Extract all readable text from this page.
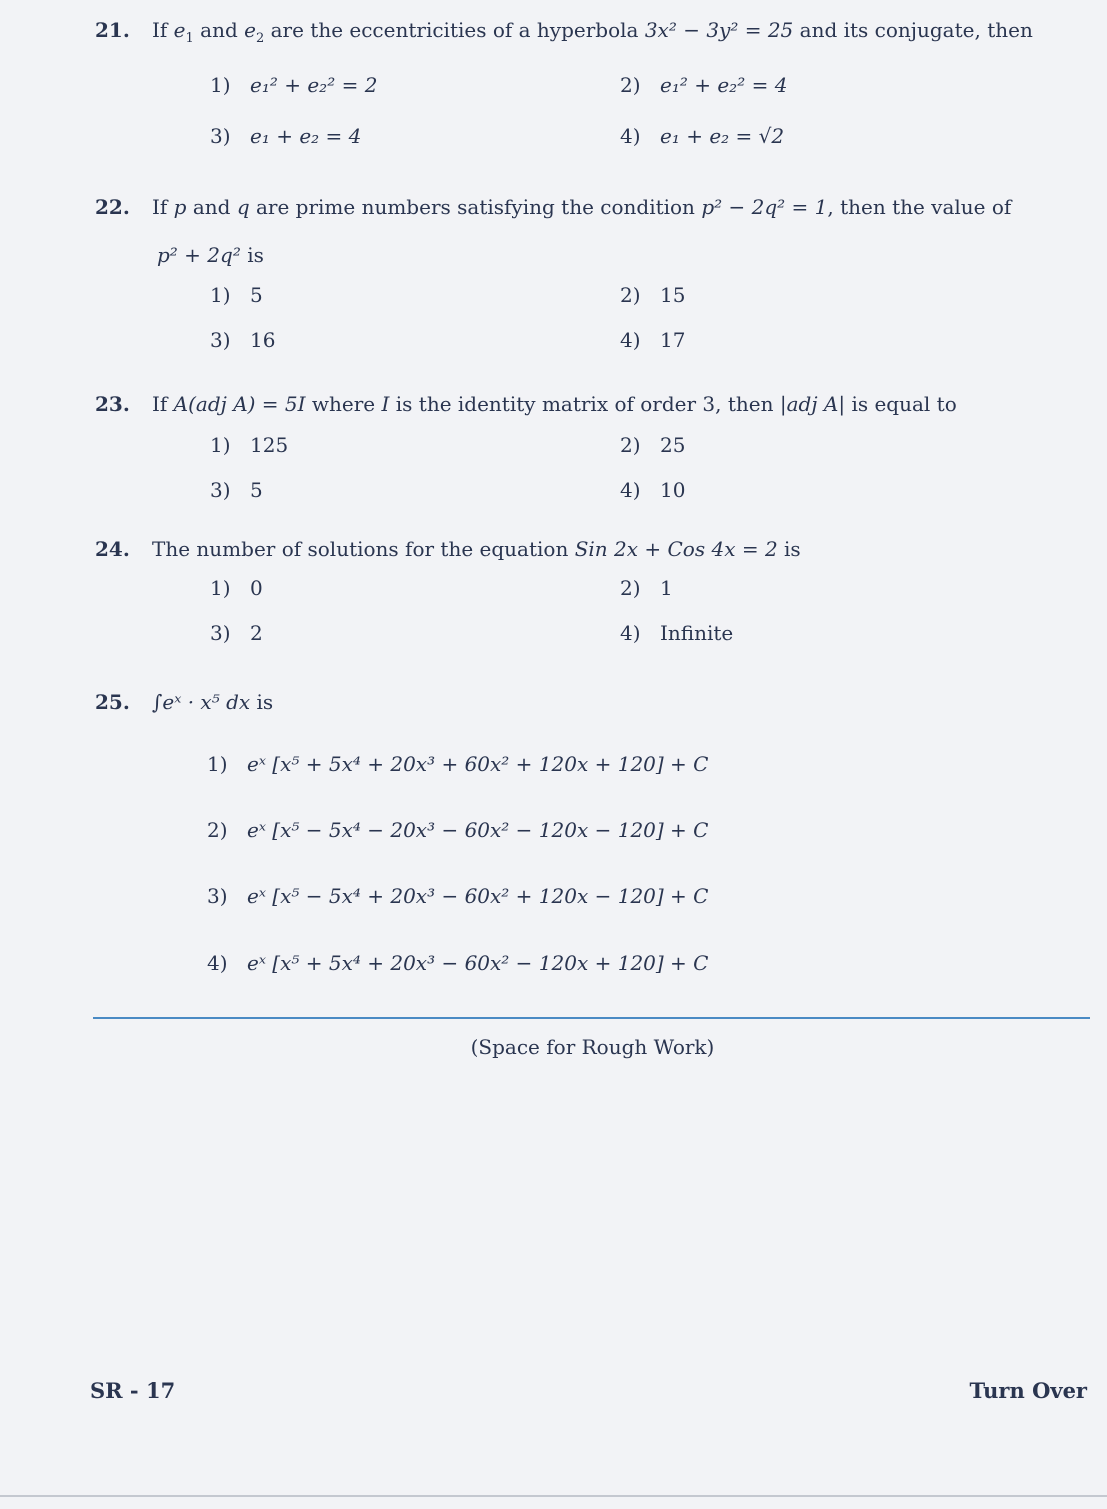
21. If $e_1$ and $e_2$ are the eccentricities of a hyperbola 3x² − 3y² = 25 and its conjugate, then
1) e₁² + e₂² = 2	2) e₁² + e₂² = 4
3) e₁ + e₂ = 4	4) e₁ + e₂ = √2
22. If p and q are prime numbers satisfying the condition p² − 2q² = 1, then the value of
p² + 2q² is
1) 5	2) 15
3) 16	4) 17
23. If A(adj A) = 5I where I is the identity matrix of order 3, then |adj A| is equal to
1) 125	2) 25
3) 5	4) 10
24. The number of solutions for the equation Sin 2x + Cos 4x = 2 is
1) 0	2) 1
3) 2	4) Infinite
25. ∫eˣ · x⁵ dx is
1) eˣ [x⁵ + 5x⁴ + 20x³ + 60x² + 120x + 120] + C
2) eˣ [x⁵ − 5x⁴ − 20x³ − 60x² − 120x − 120] + C
3) eˣ [x⁵ − 5x⁴ + 20x³ − 60x² + 120x − 120] + C
4) eˣ [x⁵ + 5x⁴ + 20x³ − 60x² − 120x + 120] + C
(Space for Rough Work)
SR - 17	Turn Over
